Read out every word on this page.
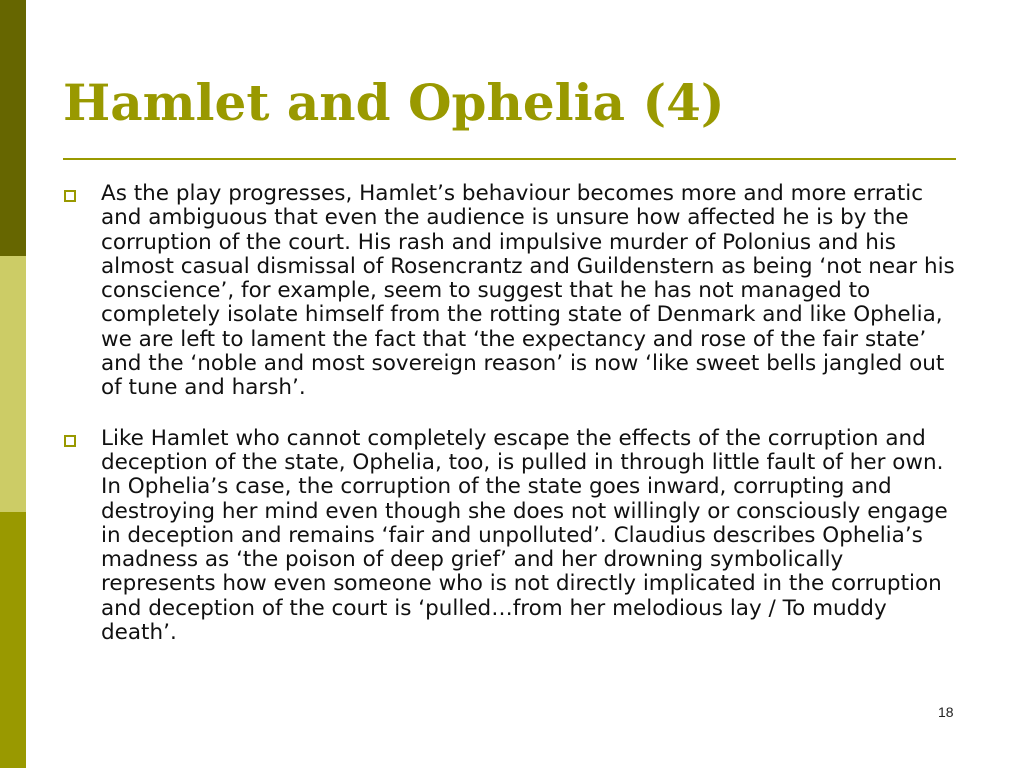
Hamlet and Ophelia (4)
As the play progresses, Hamlet’s behaviour becomes more and more erratic and ambiguous that even the audience is unsure how affected he is by the corruption of the court. His rash and impulsive murder of Polonius and his almost casual dismissal of Rosencrantz and Guildenstern as being ‘not near his conscience’, for example, seem to suggest that he has not managed to completely isolate himself from the rotting state of Denmark and like Ophelia, we are left to lament the fact that ‘the expectancy and rose of the fair state’ and the ‘noble and most sovereign reason’ is now ‘like sweet bells jangled out of tune and harsh’.
Like Hamlet who cannot completely escape the effects of the corruption and deception of the state, Ophelia, too, is pulled in through little fault of her own. In Ophelia’s case, the corruption of the state goes inward, corrupting and destroying her mind even though she does not willingly or consciously engage in deception and remains ‘fair and unpolluted’. Claudius describes Ophelia’s madness as ‘the poison of deep grief’ and her drowning symbolically represents how even someone who is not directly implicated in the corruption and deception of the court is ‘pulled…from her melodious lay / To muddy death’.
18
